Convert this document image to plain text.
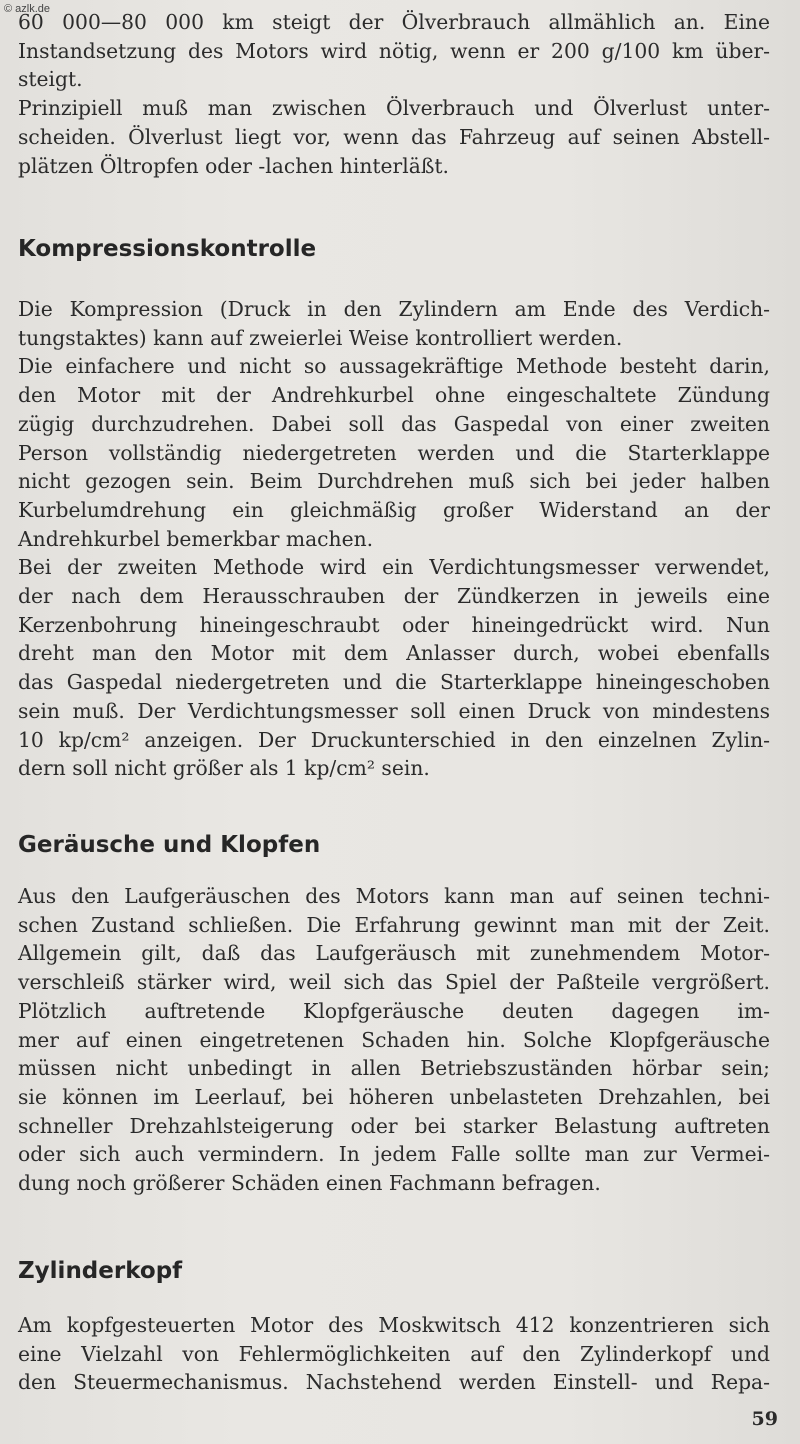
© azlk.de
60 000—80 000 km steigt der Ölverbrauch allmählich an. Eine
Instandsetzung des Motors wird nötig, wenn er 200 g/100 km über-
steigt.
Prinzipiell muß man zwischen Ölverbrauch und Ölverlust unter-
scheiden. Ölverlust liegt vor, wenn das Fahrzeug auf seinen Abstell-
plätzen Öltropfen oder -lachen hinterläßt.
Kompressionskontrolle
Die Kompression (Druck in den Zylindern am Ende des Verdich-
tungstaktes) kann auf zweierlei Weise kontrolliert werden.
Die einfachere und nicht so aussagekräftige Methode besteht darin,
den Motor mit der Andrehkurbel ohne eingeschaltete Zündung
zügig durchzudrehen. Dabei soll das Gaspedal von einer zweiten
Person vollständig niedergetreten werden und die Starterklappe
nicht gezogen sein. Beim Durchdrehen muß sich bei jeder halben
Kurbelumdrehung ein gleichmäßig großer Widerstand an der
Andrehkurbel bemerkbar machen.
Bei der zweiten Methode wird ein Verdichtungsmesser verwendet,
der nach dem Herausschrauben der Zündkerzen in jeweils eine
Kerzenbohrung hineingeschraubt oder hineingedrückt wird. Nun
dreht man den Motor mit dem Anlasser durch, wobei ebenfalls
das Gaspedal niedergetreten und die Starterklappe hineingeschoben
sein muß. Der Verdichtungsmesser soll einen Druck von mindestens
10 kp/cm² anzeigen. Der Druckunterschied in den einzelnen Zylin-
dern soll nicht größer als 1 kp/cm² sein.
Geräusche und Klopfen
Aus den Laufgeräuschen des Motors kann man auf seinen techni-
schen Zustand schließen. Die Erfahrung gewinnt man mit der Zeit.
Allgemein gilt, daß das Laufgeräusch mit zunehmendem Motor-
verschleiß stärker wird, weil sich das Spiel der Paßteile vergrößert.
Plötzlich auftretende Klopfgeräusche deuten dagegen im-
mer auf einen eingetretenen Schaden hin. Solche Klopfgeräusche
müssen nicht unbedingt in allen Betriebszuständen hörbar sein;
sie können im Leerlauf, bei höheren unbelasteten Drehzahlen, bei
schneller Drehzahlsteigerung oder bei starker Belastung auftreten
oder sich auch vermindern. In jedem Falle sollte man zur Vermei-
dung noch größerer Schäden einen Fachmann befragen.
Zylinderkopf
Am kopfgesteuerten Motor des Moskwitsch 412 konzentrieren sich
eine Vielzahl von Fehlermöglichkeiten auf den Zylinderkopf und
den Steuermechanismus. Nachstehend werden Einstell- und Repa-
59
